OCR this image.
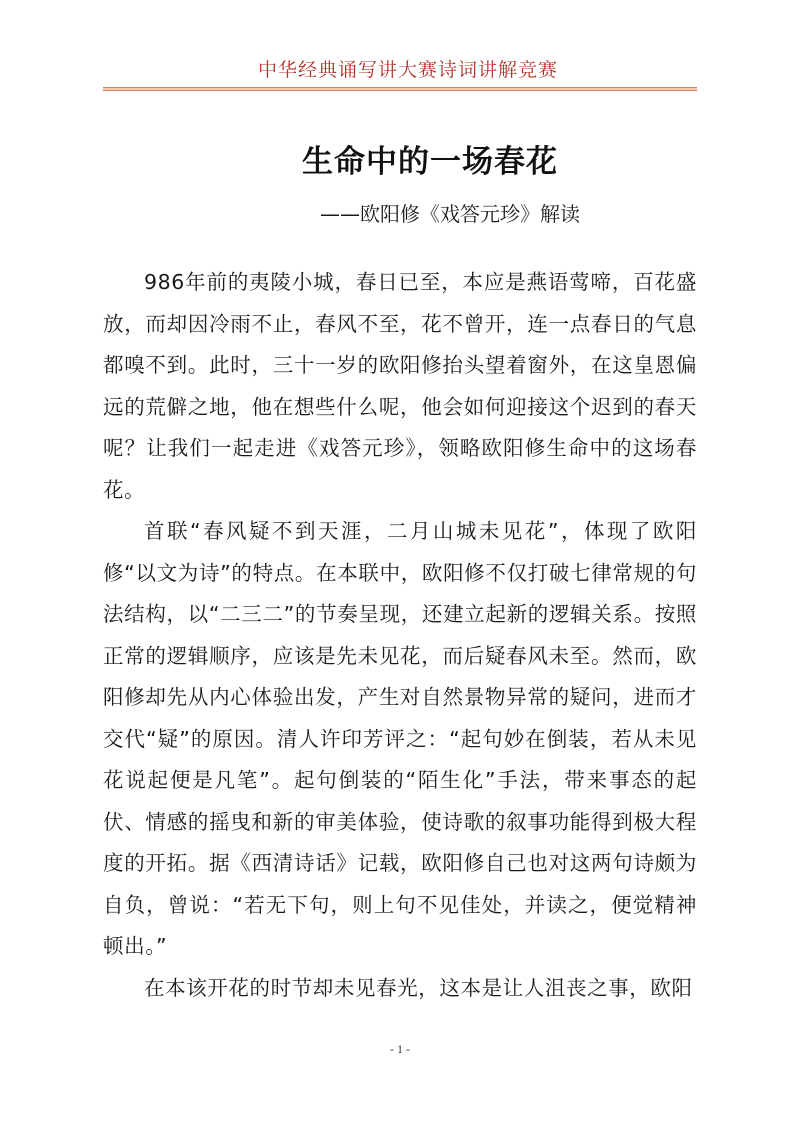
中华经典诵写讲大赛诗词讲解竞赛
生命中的一场春花
——欧阳修《戏答元珍》解读

986年前的夷陵小城，春日已至，本应是燕语莺啼，百花盛放，而却因冷雨不止，春风不至，花不曾开，连一点春日的气息都嗅不到。此时，三十一岁的欧阳修抬头望着窗外，在这皇恩偏远的荒僻之地，他在想些什么呢，他会如何迎接这个迟到的春天呢？让我们一起走进《戏答元珍》，领略欧阳修生命中的这场春花。

首联“春风疑不到天涯，二月山城未见花”，体现了欧阳修“以文为诗”的特点。在本联中，欧阳修不仅打破七律常规的句法结构，以“二三二”的节奏呈现，还建立起新的逻辑关系。按照正常的逻辑顺序，应该是先未见花，而后疑春风未至。然而，欧阳修却先从内心体验出发，产生对自然景物异常的疑问，进而才交代“疑”的原因。清人许印芳评之：“起句妙在倒装，若从未见花说起便是凡笔”。起句倒装的“陌生化”手法，带来事态的起伏、情感的摇曳和新的审美体验，使诗歌的叙事功能得到极大程度的开拓。据《西清诗话》记载，欧阳修自己也对这两句诗颇为自负，曾说：“若无下句，则上句不见佳处，并读之，便觉精神顿出。”

在本该开花的时节却未见春光，这本是让人沮丧之事，欧阳

- 1 -
